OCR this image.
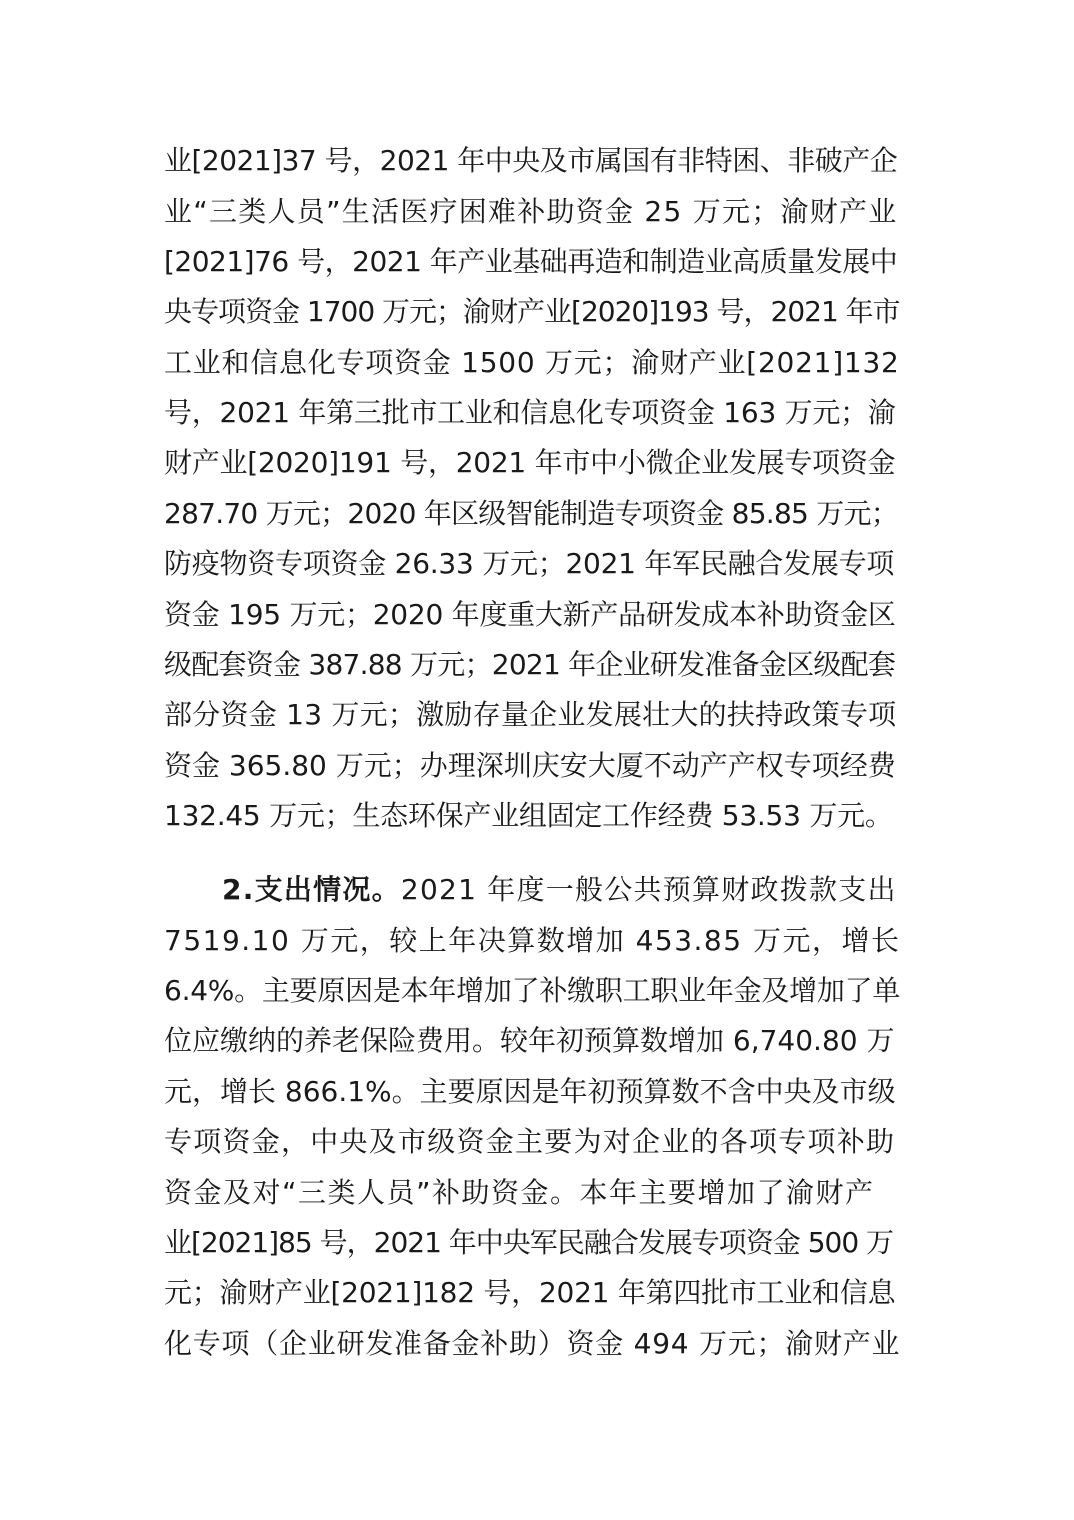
业[2021]37 号，2021 年中央及市属国有非特困、非破产企
业“三类人员”生活医疗困难补助资金 25 万元；渝财产业
[2021]76 号，2021 年产业基础再造和制造业高质量发展中
央专项资金 1700 万元；渝财产业[2020]193 号，2021 年市
工业和信息化专项资金 1500 万元；渝财产业[2021]132
号，2021 年第三批市工业和信息化专项资金 163 万元；渝
财产业[2020]191 号，2021 年市中小微企业发展专项资金
287.70 万元；2020 年区级智能制造专项资金 85.85 万元；
防疫物资专项资金 26.33 万元；2021 年军民融合发展专项
资金 195 万元；2020 年度重大新产品研发成本补助资金区
级配套资金 387.88 万元；2021 年企业研发准备金区级配套
部分资金 13 万元；激励存量企业发展壮大的扶持政策专项
资金 365.80 万元；办理深圳庆安大厦不动产产权专项经费
132.45 万元；生态环保产业组固定工作经费 53.53 万元。
2.支出情况。2021 年度一般公共预算财政拨款支出
7519.10 万元，较上年决算数增加 453.85 万元，增长
6.4%。主要原因是本年增加了补缴职工职业年金及增加了单
位应缴纳的养老保险费用。较年初预算数增加 6,740.80 万
元，增长 866.1%。主要原因是年初预算数不含中央及市级
专项资金，中央及市级资金主要为对企业的各项专项补助
资金及对“三类人员”补助资金。本年主要增加了渝财产
业[2021]85 号，2021 年中央军民融合发展专项资金 500 万
元；渝财产业[2021]182 号，2021 年第四批市工业和信息
化专项（企业研发准备金补助）资金 494 万元；渝财产业
